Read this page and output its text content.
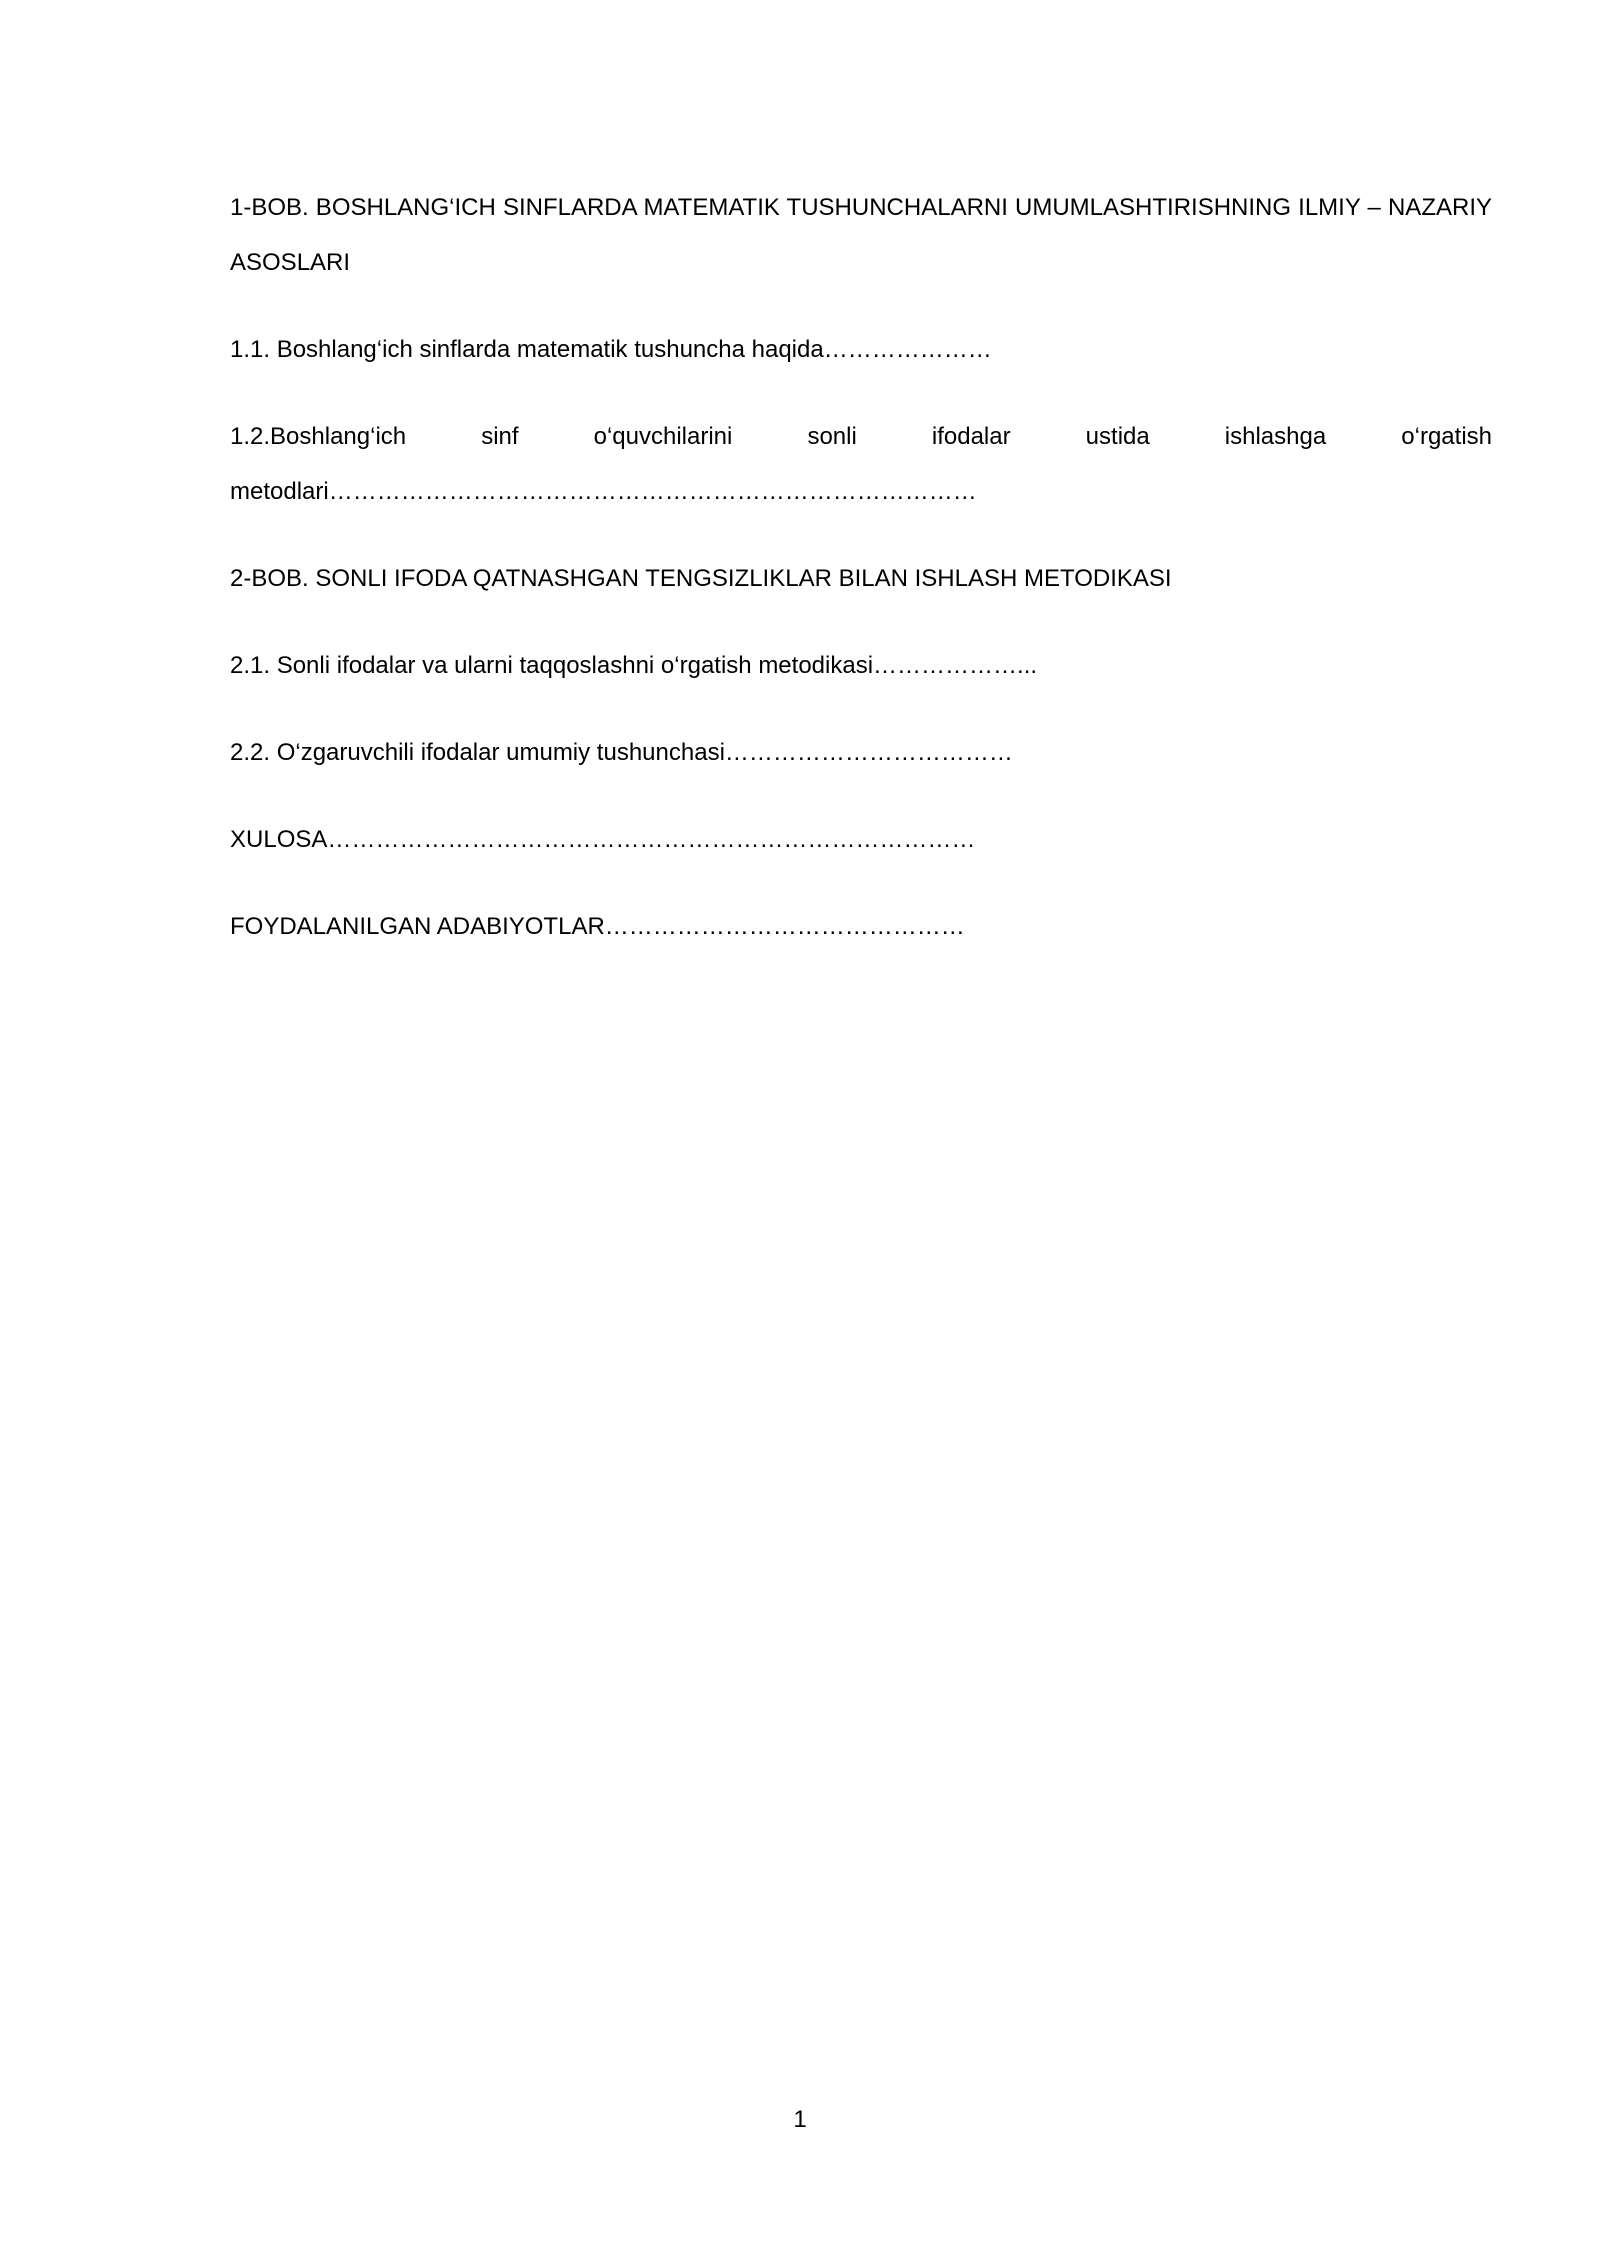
1-BOB. BOSHLANG‘ICH SINFLARDA MATEMATIK TUSHUNCHALARNI UMUMLASHTIRISHNING ILMIY – NAZARIY ASOSLARI

1.1. Boshlang‘ich sinflarda matematik tushuncha haqida…………………

1.2.Boshlang‘ich sinf o‘quvchilarini sonli ifodalar ustida ishlashga o‘rgatish metodlari………………………………………………………………………

2-BOB. SONLI IFODA QATNASHGAN TENGSIZLIKLAR BILAN ISHLASH METODIKASI

2.1. Sonli ifodalar va ularni taqqoslashni o‘rgatish metodikasi………………...

2.2. O‘zgaruvchili ifodalar umumiy tushunchasi………………………………

XULOSA………………………………………………………………………

FOYDALANILGAN ADABIYOTLAR………………………………………

1
